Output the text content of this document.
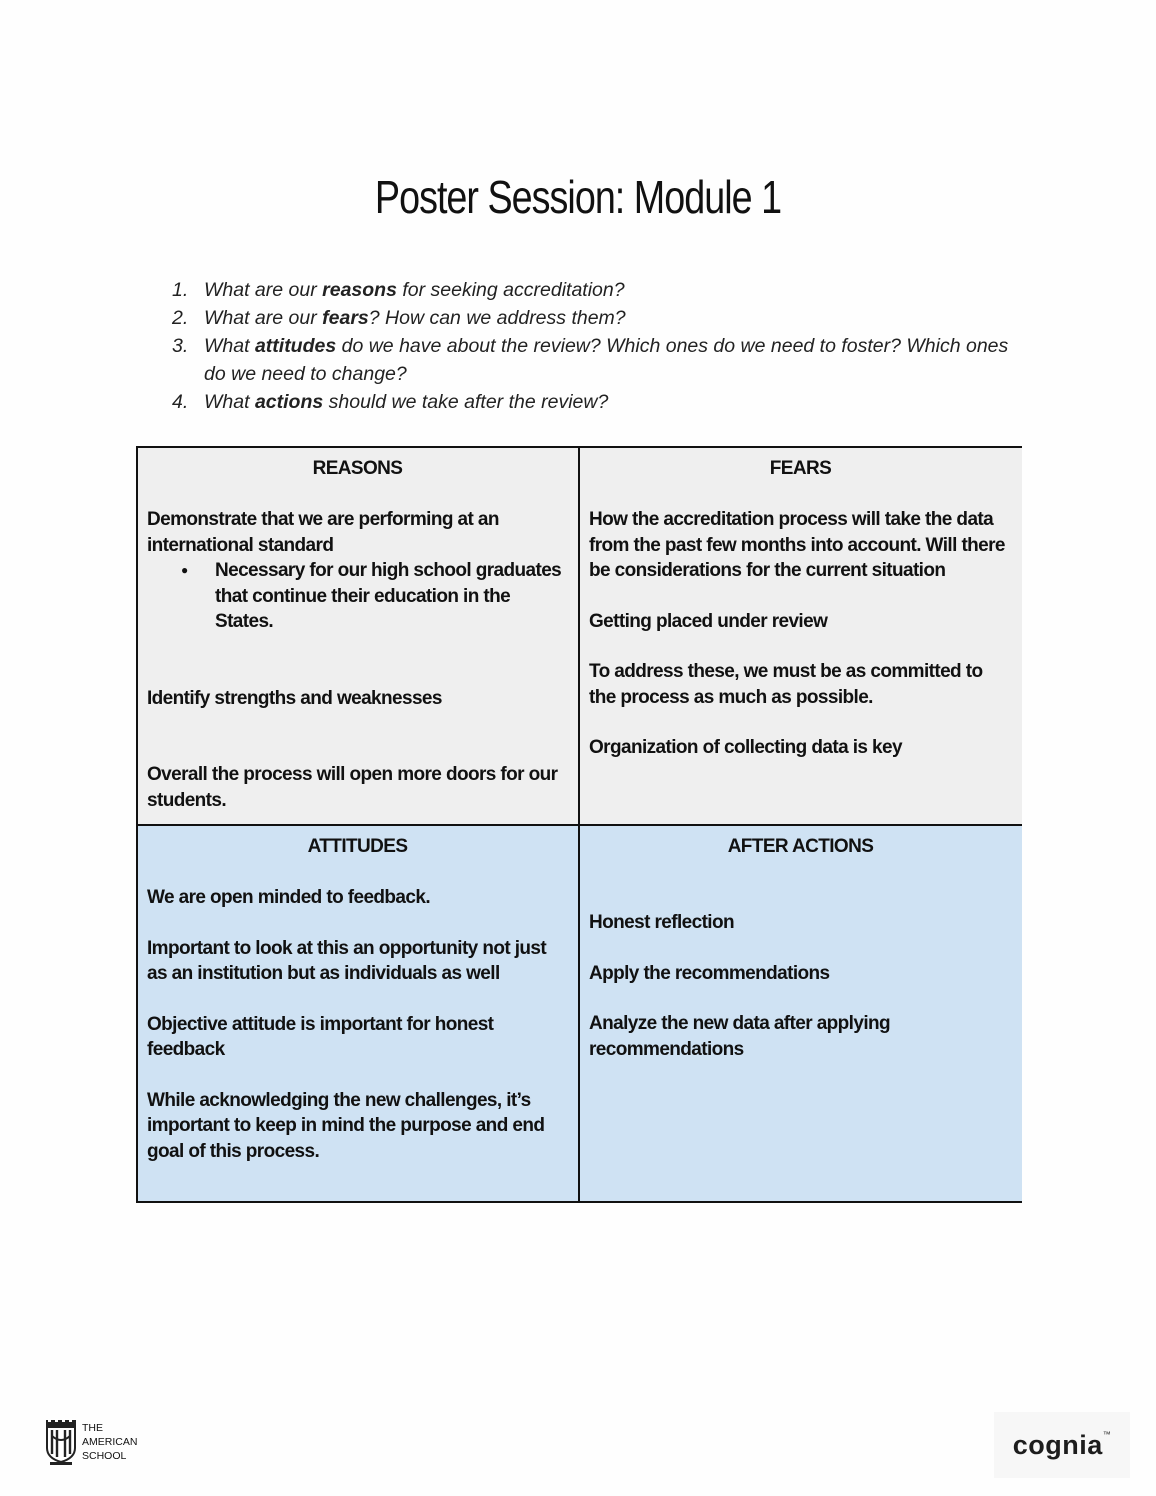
Poster Session: Module 1
1. What are our reasons for seeking accreditation?
2. What are our fears? How can we address them?
3. What attitudes do we have about the review? Which ones do we need to foster? Which ones do we need to change?
4. What actions should we take after the review?
REASONS

Demonstrate that we are performing at an international standard

● Necessary for our high school graduates that continue their education in the States.

Identify strengths and weaknesses

Overall the process will open more doors for our students.

FEARS

How the accreditation process will take the data from the past few months into account. Will there be considerations for the current situation

Getting placed under review

To address these, we must be as committed to the process as much as possible.

Organization of collecting data is key

ATTITUDES

We are open minded to feedback.

Important to look at this an opportunity not just as an institution but as individuals as well

Objective attitude is important for honest feedback

While acknowledging the new challenges, it’s important to keep in mind the purpose and end goal of this process.

AFTER ACTIONS

Honest reflection

Apply the recommendations

Analyze the new data after applying recommendations

THE
AMERICAN
SCHOOL	cognia™
